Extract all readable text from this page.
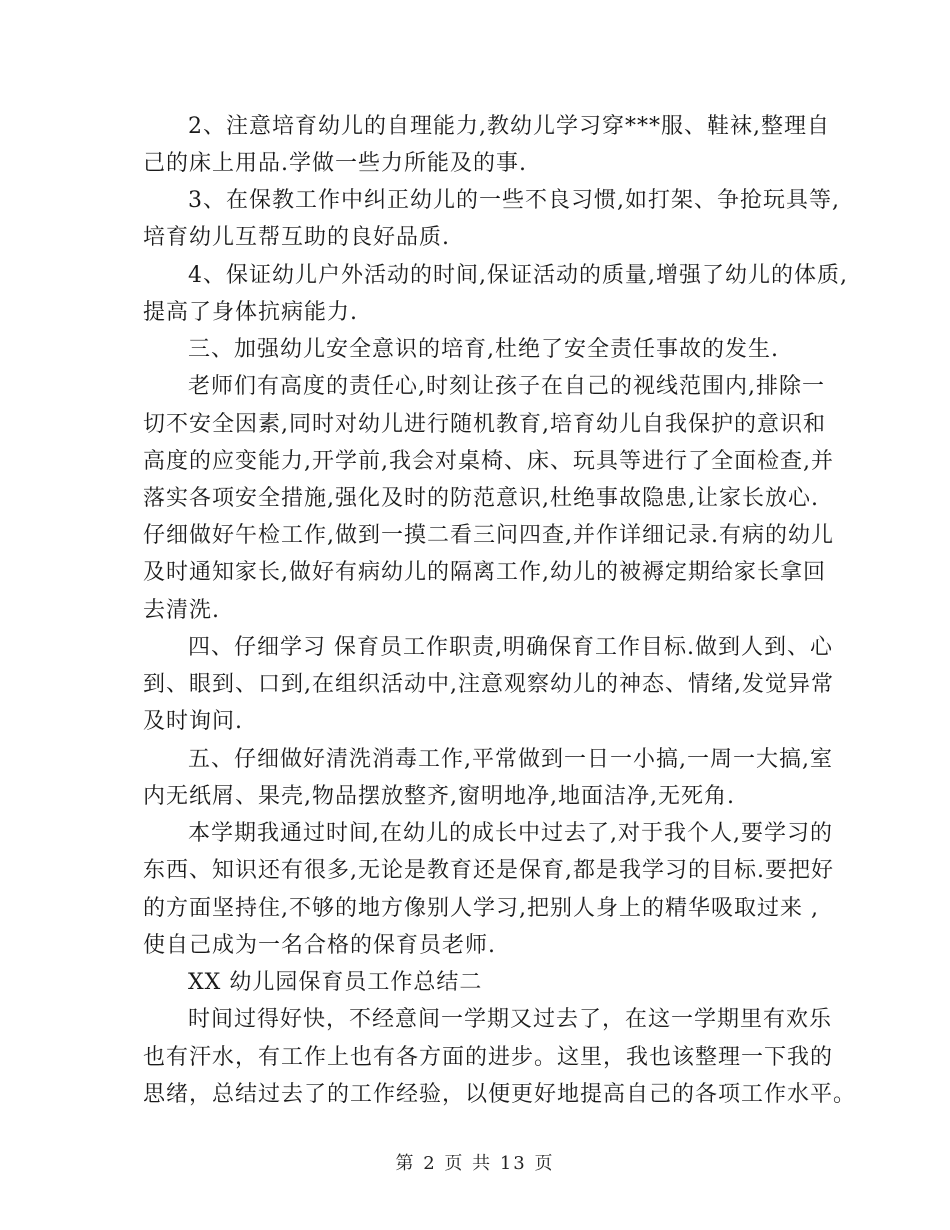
2、注意培育幼儿的自理能力,教幼儿学习穿***服、鞋袜,整理自
己的床上用品.学做一些力所能及的事.
3、在保教工作中纠正幼儿的一些不良习惯,如打架、争抢玩具等,
培育幼儿互帮互助的良好品质.
4、保证幼儿户外活动的时间,保证活动的质量,增强了幼儿的体质,
提高了身体抗病能力.
三、加强幼儿安全意识的培育,杜绝了安全责任事故的发生.
老师们有高度的责任心,时刻让孩子在自己的视线范围内,排除一
切不安全因素,同时对幼儿进行随机教育,培育幼儿自我保护的意识和
高度的应变能力,开学前,我会对桌椅、床、玩具等进行了全面检查,并
落实各项安全措施,强化及时的防范意识,杜绝事故隐患,让家长放心.
仔细做好午检工作,做到一摸二看三问四查,并作详细记录.有病的幼儿
及时通知家长,做好有病幼儿的隔离工作,幼儿的被褥定期给家长拿回
去清洗.
四、仔细学习 保育员工作职责,明确保育工作目标.做到人到、心
到、眼到、口到,在组织活动中,注意观察幼儿的神态、情绪,发觉异常
及时询问.
五、仔细做好清洗消毒工作,平常做到一日一小搞,一周一大搞,室
内无纸屑、果壳,物品摆放整齐,窗明地净,地面洁净,无死角.
本学期我通过时间,在幼儿的成长中过去了,对于我个人,要学习的
东西、知识还有很多,无论是教育还是保育,都是我学习的目标.要把好
的方面坚持住,不够的地方像别人学习,把别人身上的精华吸取过来 ,
使自己成为一名合格的保育员老师.
XX 幼儿园保育员工作总结二
时间过得好快，不经意间一学期又过去了，在这一学期里有欢乐
也有汗水，有工作上也有各方面的进步。这里，我也该整理一下我的
思绪，总结过去了的工作经验，以便更好地提高自己的各项工作水平。
第 2 页 共 13 页
